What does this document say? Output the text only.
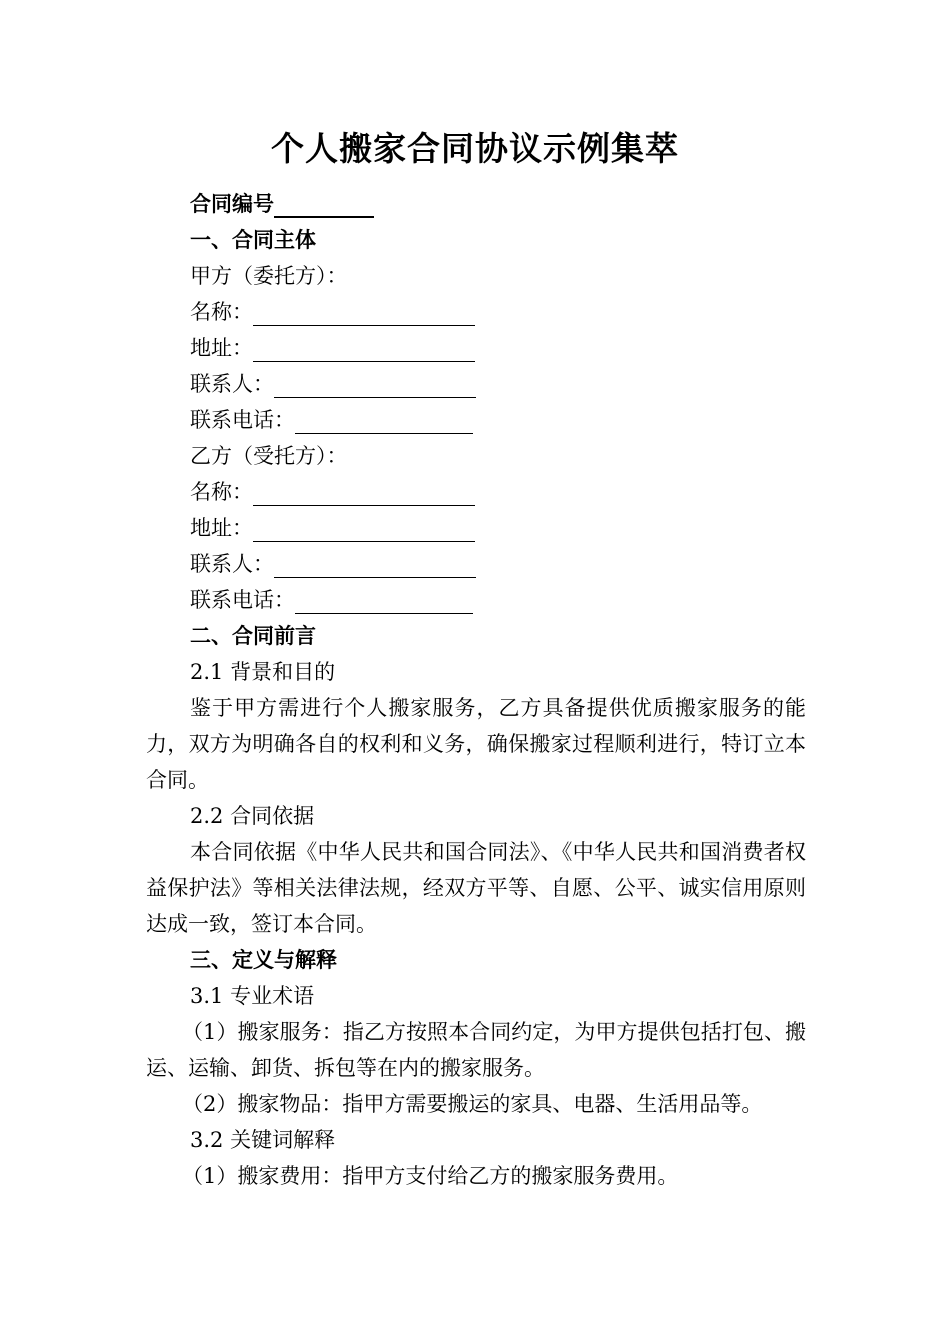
个人搬家合同协议示例集萃
合同编号
一、合同主体
甲方（委托方）：
名称：
地址：
联系人：
联系电话：
乙方（受托方）：
名称：
地址：
联系人：
联系电话：
二、合同前言
2.1 背景和目的
鉴于甲方需进行个人搬家服务，乙方具备提供优质搬家服务的能力，双方为明确各自的权利和义务，确保搬家过程顺利进行，特订立本合同。
2.2 合同依据
本合同依据《中华人民共和国合同法》、《中华人民共和国消费者权益保护法》等相关法律法规，经双方平等、自愿、公平、诚实信用原则达成一致，签订本合同。
三、定义与解释
3.1 专业术语
（1）搬家服务：指乙方按照本合同约定，为甲方提供包括打包、搬运、运输、卸货、拆包等在内的搬家服务。
（2）搬家物品：指甲方需要搬运的家具、电器、生活用品等。
3.2 关键词解释
（1）搬家费用：指甲方支付给乙方的搬家服务费用。
